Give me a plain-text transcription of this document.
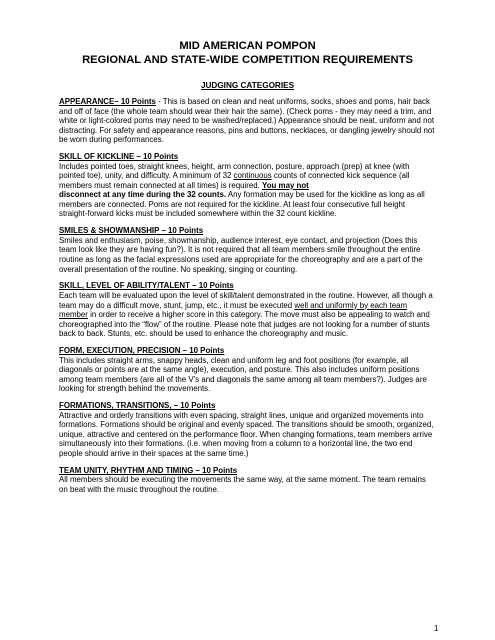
MID AMERICAN POMPON
REGIONAL AND STATE-WIDE COMPETITION REQUIREMENTS
JUDGING CATEGORIES
APPEARANCE– 10 Points - This is based on clean and neat uniforms, socks, shoes and poms, hair back and off of face (the whole team should wear their hair the same). (Check poms - they may need a trim, and white or light-colored poms may need to be washed/replaced.) Appearance should be neat, uniform and not distracting. For safety and appearance reasons, pins and buttons, necklaces, or dangling jewelry should not be worn during performances.
SKILL OF KICKLINE – 10 Points
Includes pointed toes, straight knees, height, arm connection, posture, approach (prep) at knee (with pointed toe), unity, and difficulty. A minimum of 32 continuous counts of connected kick sequence (all members must remain connected at all times) is required. You may not
disconnect at any time during the 32 counts. Any formation may be used for the kickline as long as all members are connected. Poms are not required for the kickline. At least four consecutive full height straight-forward kicks must be included somewhere within the 32 count kickline.
SMILES & SHOWMANSHIP – 10 Points
Smiles and enthusiasm, poise, showmanship, audience interest, eye contact, and projection (Does this team look like they are having fun?). It is not required that all team members smile throughout the entire routine as long as the facial expressions used are appropriate for the choreography and are a part of the overall presentation of the routine. No speaking, singing or counting.
SKILL, LEVEL OF ABILITY/TALENT – 10 Points
Each team will be evaluated upon the level of skill/talent demonstrated in the routine. However, all though a team may do a difficult move, stunt, jump, etc., it must be executed well and uniformly by each team member in order to receive a higher score in this category. The move must also be appealing to watch and choreographed into the “flow” of the routine. Please note that judges are not looking for a number of stunts back to back. Stunts, etc. should be used to enhance the choreography and music.
FORM, EXECUTION, PRECISION – 10 Points
This includes straight arms, snappy heads, clean and uniform leg and foot positions (for example, all diagonals or points are at the same angle), execution, and posture. This also includes uniform positions among team members (are all of the V’s and diagonals the same among all team members?). Judges are looking for strength behind the movements.
FORMATIONS, TRANSITIONS, – 10 Points
Attractive and orderly transitions with even spacing, straight lines, unique and organized movements into formations. Formations should be original and evenly spaced. The transitions should be smooth, organized, unique, attractive and centered on the performance floor. When changing formations, team members arrive simultaneously into their formations. (i.e. when moving from a column to a horizontal line, the two end people should arrive in their spaces at the same time.)
TEAM UNITY, RHYTHM AND TIMING – 10 Points
All members should be executing the movements the same way, at the same moment. The team remains on beat with the music throughout the routine.
1
